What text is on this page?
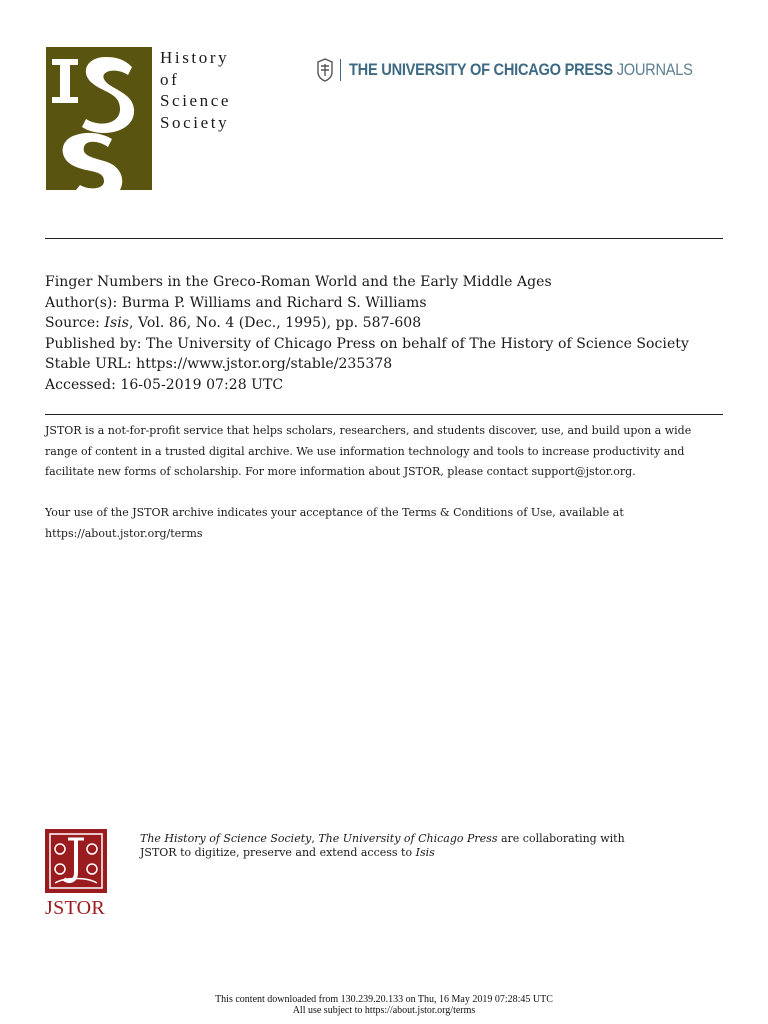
History
of
Science
Society
THE UNIVERSITY OF CHICAGO PRESS JOURNALS
Finger Numbers in the Greco-Roman World and the Early Middle Ages
Author(s): Burma P. Williams and Richard S. Williams
Source: Isis, Vol. 86, No. 4 (Dec., 1995), pp. 587-608
Published by: The University of Chicago Press on behalf of The History of Science Society
Stable URL: https://www.jstor.org/stable/235378
Accessed: 16-05-2019 07:28 UTC
JSTOR is a not-for-profit service that helps scholars, researchers, and students discover, use, and build upon a wide
range of content in a trusted digital archive. We use information technology and tools to increase productivity and
facilitate new forms of scholarship. For more information about JSTOR, please contact support@jstor.org.
Your use of the JSTOR archive indicates your acceptance of the Terms & Conditions of Use, available at
https://about.jstor.org/terms
JSTOR
The History of Science Society, The University of Chicago Press are collaborating with
JSTOR to digitize, preserve and extend access to Isis
This content downloaded from 130.239.20.133 on Thu, 16 May 2019 07:28:45 UTC
All use subject to https://about.jstor.org/terms
